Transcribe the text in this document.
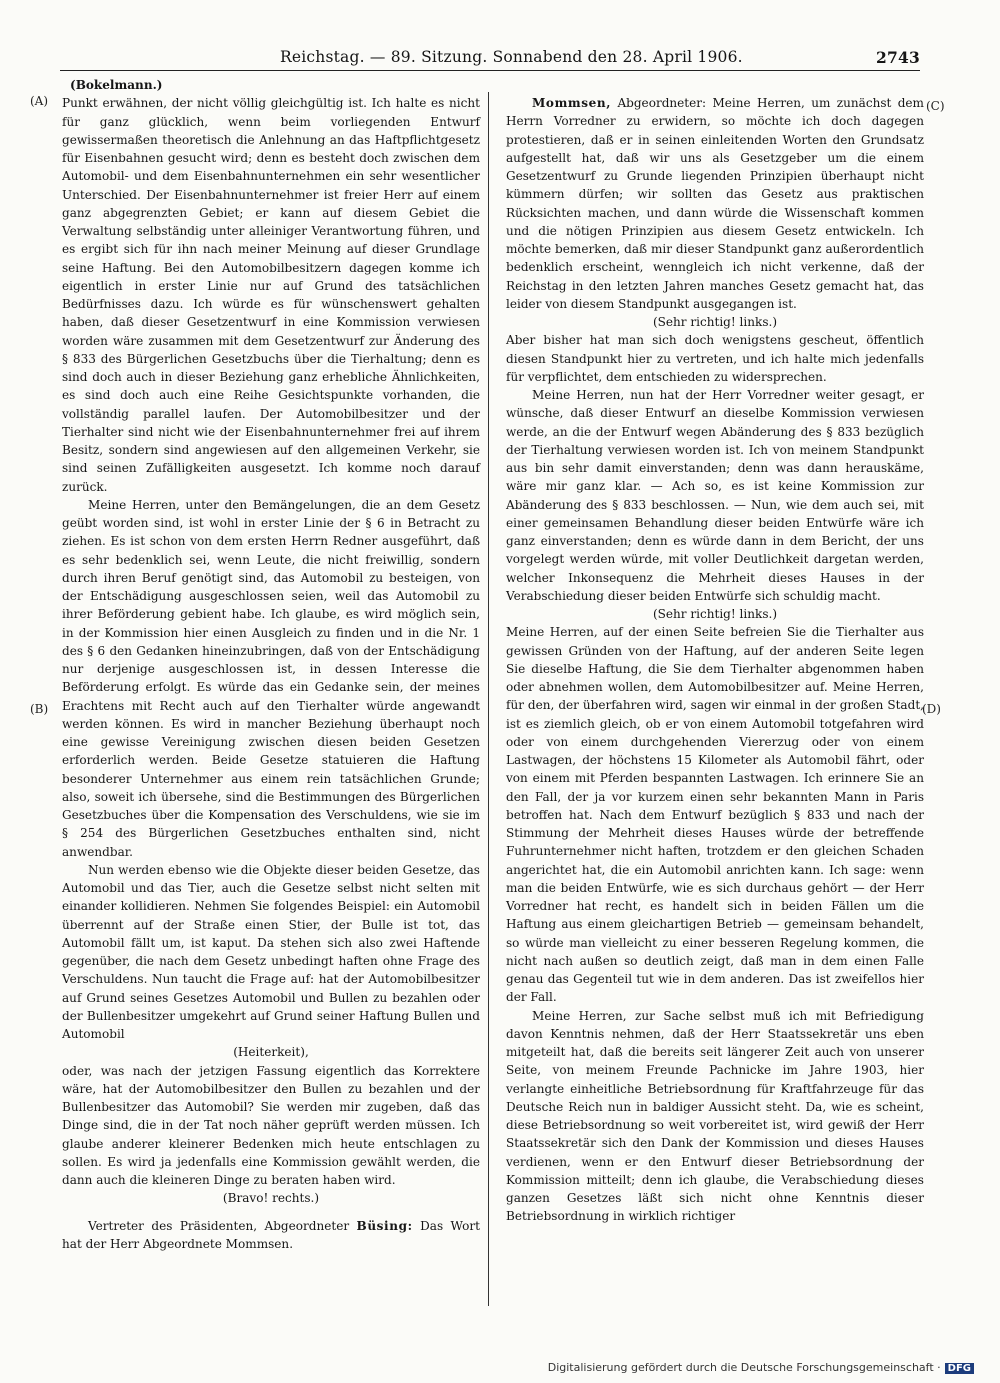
Reichstag. — 89. Sitzung. Sonnabend den 28. April 1906.	2743
(A)
(B)
(C)
(D)

(Bokelmann.)

Punkt erwähnen, der nicht völlig gleichgültig ist. Ich halte es nicht für ganz glücklich, wenn beim vorliegenden Entwurf gewissermaßen theoretisch die Anlehnung an das Haftpflichtgesetz für Eisenbahnen gesucht wird; denn es besteht doch zwischen dem Automobil- und dem Eisenbahnunternehmen ein sehr wesentlicher Unterschied. Der Eisenbahnunternehmer ist freier Herr auf einem ganz abgegrenzten Gebiet; er kann auf diesem Gebiet die Verwaltung selbständig unter alleiniger Verantwortung führen, und es ergibt sich für ihn nach meiner Meinung auf dieser Grundlage seine Haftung. Bei den Automobilbesitzern dagegen komme ich eigentlich in erster Linie nur auf Grund des tatsächlichen Bedürfnisses dazu. Ich würde es für wünschenswert gehalten haben, daß dieser Gesetzentwurf in eine Kommission verwiesen worden wäre zusammen mit dem Gesetzentwurf zur Änderung des § 833 des Bürgerlichen Gesetzbuchs über die Tierhaltung; denn es sind doch auch in dieser Beziehung ganz erhebliche Ähnlichkeiten, es sind doch auch eine Reihe Gesichtspunkte vorhanden, die vollständig parallel laufen. Der Automobilbesitzer und der Tierhalter sind nicht wie der Eisenbahnunternehmer frei auf ihrem Besitz, sondern sind angewiesen auf den allgemeinen Verkehr, sie sind seinen Zufälligkeiten ausgesetzt. Ich komme noch darauf zurück.

Meine Herren, unter den Bemängelungen, die an dem Gesetz geübt worden sind, ist wohl in erster Linie der § 6 in Betracht zu ziehen. Es ist schon von dem ersten Herrn Redner ausgeführt, daß es sehr bedenklich sei, wenn Leute, die nicht freiwillig, sondern durch ihren Beruf genötigt sind, das Automobil zu besteigen, von der Entschädigung ausgeschlossen seien, weil das Automobil zu ihrer Beförderung gebient habe. Ich glaube, es wird möglich sein, in der Kommission hier einen Ausgleich zu finden und in die Nr. 1 des § 6 den Gedanken hineinzubringen, daß von der Entschädigung nur derjenige ausgeschlossen ist, in dessen Interesse die Beförderung erfolgt. Es würde das ein Gedanke sein, der meines Erachtens mit Recht auch auf den Tierhalter würde angewandt werden können. Es wird in mancher Beziehung überhaupt noch eine gewisse Vereinigung zwischen diesen beiden Gesetzen erforderlich werden. Beide Gesetze statuieren die Haftung besonderer Unternehmer aus einem rein tatsächlichen Grunde; also, soweit ich übersehe, sind die Bestimmungen des Bürgerlichen Gesetzbuches über die Kompensation des Verschuldens, wie sie im § 254 des Bürgerlichen Gesetzbuches enthalten sind, nicht anwendbar.

Nun werden ebenso wie die Objekte dieser beiden Gesetze, das Automobil und das Tier, auch die Gesetze selbst nicht selten mit einander kollidieren. Nehmen Sie folgendes Beispiel: ein Automobil überrennt auf der Straße einen Stier, der Bulle ist tot, das Automobil fällt um, ist kaput. Da stehen sich also zwei Haftende gegenüber, die nach dem Gesetz unbedingt haften ohne Frage des Verschuldens. Nun taucht die Frage auf: hat der Automobilbesitzer auf Grund seines Gesetzes Automobil und Bullen zu bezahlen oder der Bullenbesitzer umgekehrt auf Grund seiner Haftung Bullen und Automobil

(Heiterkeit),

oder, was nach der jetzigen Fassung eigentlich das Korrektere wäre, hat der Automobilbesitzer den Bullen zu bezahlen und der Bullenbesitzer das Automobil? Sie werden mir zugeben, daß das Dinge sind, die in der Tat noch näher geprüft werden müssen. Ich glaube anderer kleinerer Bedenken mich heute entschlagen zu sollen. Es wird ja jedenfalls eine Kommission gewählt werden, die dann auch die kleineren Dinge zu beraten haben wird.

(Bravo! rechts.)

Vertreter des Präsidenten, Abgeordneter Büsing: Das Wort hat der Herr Abgeordnete Mommsen.

Mommsen, Abgeordneter: Meine Herren, um zunächst dem Herrn Vorredner zu erwidern, so möchte ich doch dagegen protestieren, daß er in seinen einleitenden Worten den Grundsatz aufgestellt hat, daß wir uns als Gesetzgeber um die einem Gesetzentwurf zu Grunde liegenden Prinzipien überhaupt nicht kümmern dürfen; wir sollten das Gesetz aus praktischen Rücksichten machen, und dann würde die Wissenschaft kommen und die nötigen Prinzipien aus diesem Gesetz entwickeln. Ich möchte bemerken, daß mir dieser Standpunkt ganz außerordentlich bedenklich erscheint, wenngleich ich nicht verkenne, daß der Reichstag in den letzten Jahren manches Gesetz gemacht hat, das leider von diesem Standpunkt ausgegangen ist.

(Sehr richtig! links.)

Aber bisher hat man sich doch wenigstens gescheut, öffentlich diesen Standpunkt hier zu vertreten, und ich halte mich jedenfalls für verpflichtet, dem entschieden zu widersprechen.

Meine Herren, nun hat der Herr Vorredner weiter gesagt, er wünsche, daß dieser Entwurf an dieselbe Kommission verwiesen werde, an die der Entwurf wegen Abänderung des § 833 bezüglich der Tierhaltung verwiesen worden ist. Ich von meinem Standpunkt aus bin sehr damit einverstanden; denn was dann herauskäme, wäre mir ganz klar. — Ach so, es ist keine Kommission zur Abänderung des § 833 beschlossen. — Nun, wie dem auch sei, mit einer gemeinsamen Behandlung dieser beiden Entwürfe wäre ich ganz einverstanden; denn es würde dann in dem Bericht, der uns vorgelegt werden würde, mit voller Deutlichkeit dargetan werden, welcher Inkonsequenz die Mehrheit dieses Hauses in der Verabschiedung dieser beiden Entwürfe sich schuldig macht.

(Sehr richtig! links.)

Meine Herren, auf der einen Seite befreien Sie die Tierhalter aus gewissen Gründen von der Haftung, auf der anderen Seite legen Sie dieselbe Haftung, die Sie dem Tierhalter abgenommen haben oder abnehmen wollen, dem Automobilbesitzer auf. Meine Herren, für den, der überfahren wird, sagen wir einmal in der großen Stadt, ist es ziemlich gleich, ob er von einem Automobil totgefahren wird oder von einem durchgehenden Viererzug oder von einem Lastwagen, der höchstens 15 Kilometer als Automobil fährt, oder von einem mit Pferden bespannten Lastwagen. Ich erinnere Sie an den Fall, der ja vor kurzem einen sehr bekannten Mann in Paris betroffen hat. Nach dem Entwurf bezüglich § 833 und nach der Stimmung der Mehrheit dieses Hauses würde der betreffende Fuhrunternehmer nicht haften, trotzdem er den gleichen Schaden angerichtet hat, die ein Automobil anrichten kann. Ich sage: wenn man die beiden Entwürfe, wie es sich durchaus gehört — der Herr Vorredner hat recht, es handelt sich in beiden Fällen um die Haftung aus einem gleichartigen Betrieb — gemeinsam behandelt, so würde man vielleicht zu einer besseren Regelung kommen, die nicht nach außen so deutlich zeigt, daß man in dem einen Falle genau das Gegenteil tut wie in dem anderen. Das ist zweifellos hier der Fall.

Meine Herren, zur Sache selbst muß ich mit Befriedigung davon Kenntnis nehmen, daß der Herr Staatssekretär uns eben mitgeteilt hat, daß die bereits seit längerer Zeit auch von unserer Seite, von meinem Freunde Pachnicke im Jahre 1903, hier verlangte einheitliche Betriebsordnung für Kraftfahrzeuge für das Deutsche Reich nun in baldiger Aussicht steht. Da, wie es scheint, diese Betriebsordnung so weit vorbereitet ist, wird gewiß der Herr Staatssekretär sich den Dank der Kommission und dieses Hauses verdienen, wenn er den Entwurf dieser Betriebsordnung der Kommission mitteilt; denn ich glaube, die Verabschiedung dieses ganzen Gesetzes läßt sich nicht ohne Kenntnis dieser Betriebsordnung in wirklich richtiger

Digitalisierung gefördert durch die Deutsche Forschungsgemeinschaft · DFG
